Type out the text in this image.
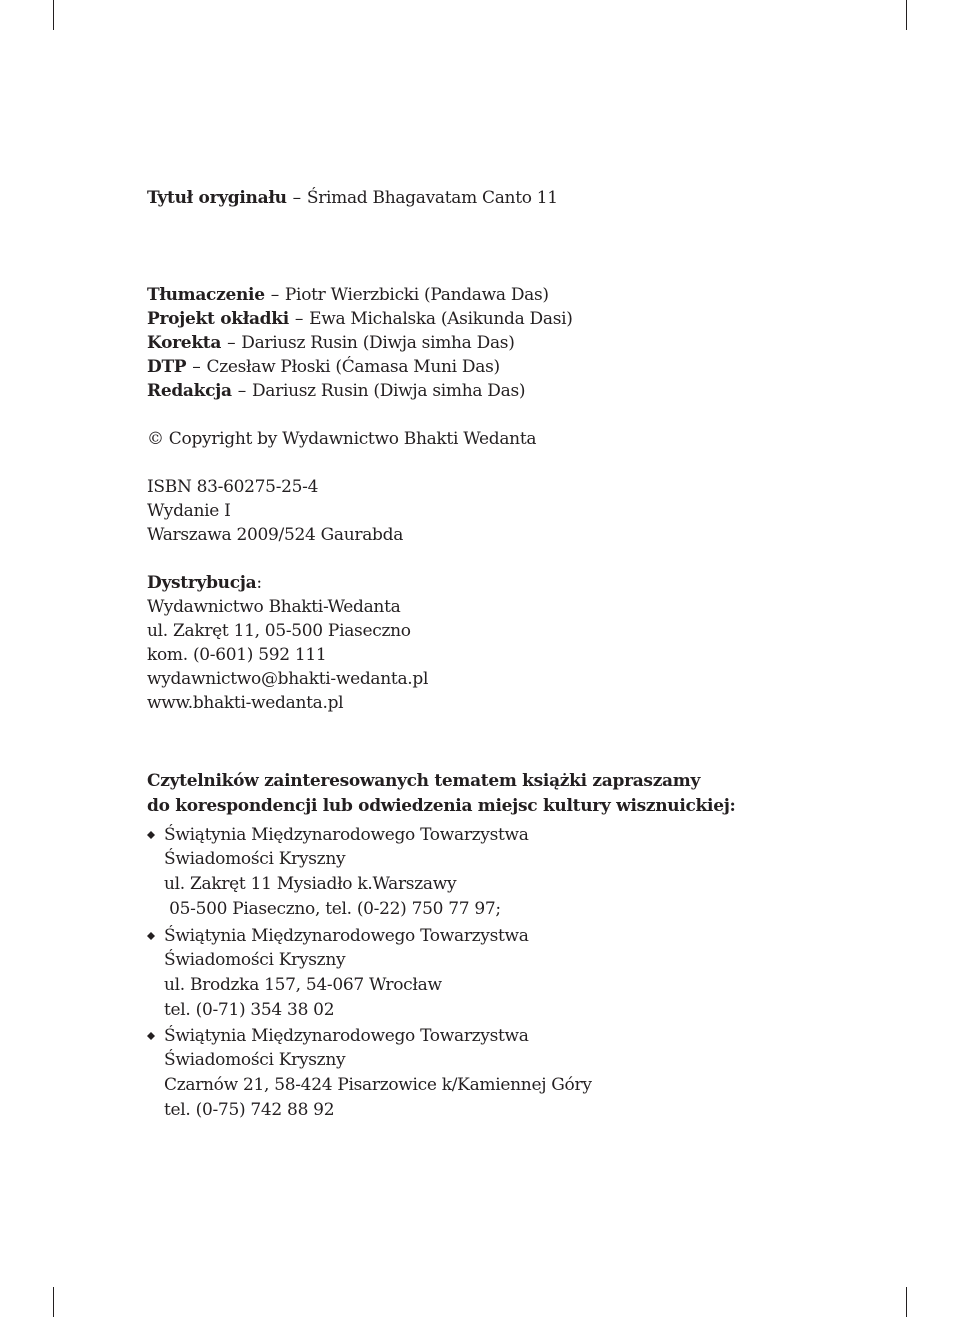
Tytuł oryginału – Śrimad Bhagavatam Canto 11
Tłumaczenie – Piotr Wierzbicki (Pandawa Das)
Projekt okładki – Ewa Michalska (Asikunda Dasi)
Korekta – Dariusz Rusin (Diwja simha Das)
DTP – Czesław Płoski (Ćamasa Muni Das)
Redakcja – Dariusz Rusin (Diwja simha Das)
© Copyright by Wydawnictwo Bhakti Wedanta
ISBN 83-60275-25-4
Wydanie I
Warszawa 2009/524 Gaurabda
Dystrybucja:
Wydawnictwo Bhakti-Wedanta
ul. Zakręt 11, 05-500 Piaseczno
kom. (0-601) 592 111
wydawnictwo@bhakti-wedanta.pl
www.bhakti-wedanta.pl
Czytelników zainteresowanych tematem książki zapraszamy
do korespondencji lub odwiedzenia miejsc kultury wisznuickiej:
Świątynia Międzynarodowego Towarzystwa
Świadomości Kryszny
ul. Zakręt 11 Mysiadło k.Warszawy
05-500 Piaseczno, tel. (0-22) 750 77 97;
Świątynia Międzynarodowego Towarzystwa
Świadomości Kryszny
ul. Brodzka 157, 54-067 Wrocław
tel. (0-71) 354 38 02
Świątynia Międzynarodowego Towarzystwa
Świadomości Kryszny
Czarnów 21, 58-424 Pisarzowice k/Kamiennej Góry
tel. (0-75) 742 88 92
